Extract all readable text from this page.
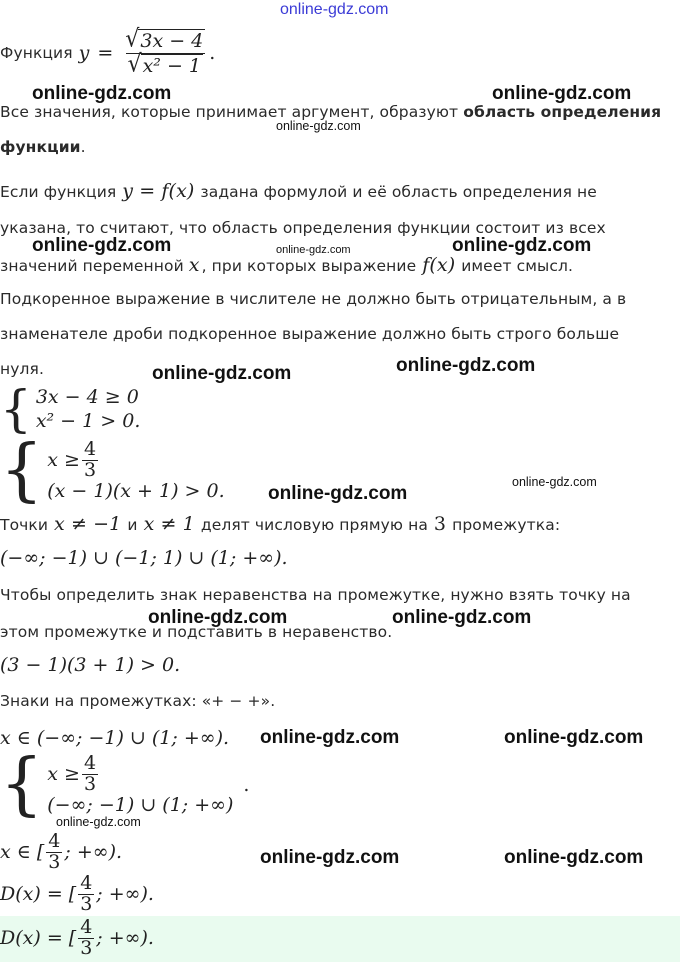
online-gdz.com
Функция $y = \frac{√ 3x - 4}{\text{√ x² − 1}}$ .
Все значения, которые принимает аргумент, образуют область определения
функции.
Если функция y = f(x) задана формулой и её область определения не
указана, то считают, что область определения функции состоит из всех
значений переменной x , при которых выражение f(x) имеет смысл.
Подкоренное выражение в числителе не должно быть отрицательным, а в
знаменателе дроби подкоренное выражение должно быть строго больше
нуля.
{ 3x − 4 ≥ 0
x² − 1 > 0.
{ $x \ge \frac{4}{3}$
(x − 1)(x + 1) > 0.
Точки x ≠ −1 и x ≠ 1 делят числовую прямую на 3 промежутка:
(−∞; −1) ∪ (−1; 1) ∪ (1; +∞).
Чтобы определить знак неравенства на промежутке, нужно взять точку на
этом промежутке и подставить в неравенство.
(3 − 1)(3 + 1) > 0.
Знаки на промежутках: «+ − +».
x ∈ (−∞; −1) ∪ (1; +∞).
{ $x \ge \frac{4}{3}$
(−∞; −1) ∪ (1; +∞)
.
x ∈ [ $\frac{4}{3}$ ; +∞).
D(x) = [ $\frac{4}{3}$ ; +∞).
D(x) = [ $\frac{4}{3}$ ; +∞).
online-gdz.com	online-gdz.com
online-gdz.com
online-gdz.com	online-gdz.com	online-gdz.com
online-gdz.com	online-gdz.com
online-gdz.com
online-gdz.com
online-gdz.com	online-gdz.com
online-gdz.com	online-gdz.com
online-gdz.com
online-gdz.com	online-gdz.com
